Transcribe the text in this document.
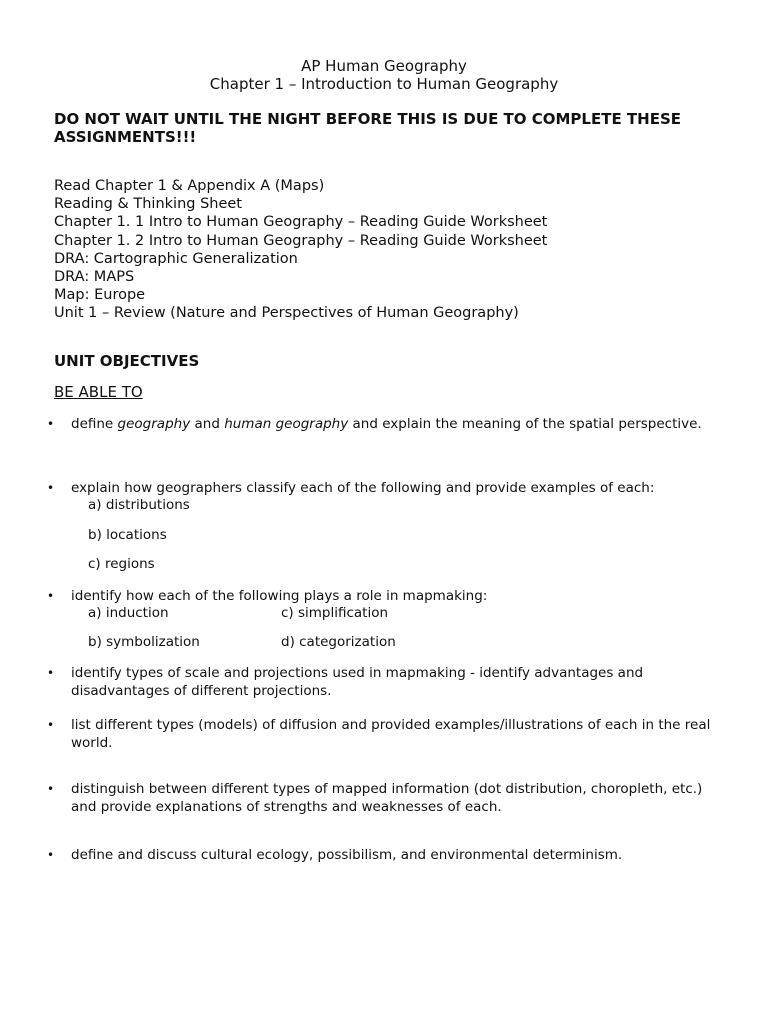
AP Human Geography
Chapter 1 – Introduction to Human Geography

DO NOT WAIT UNTIL THE NIGHT BEFORE THIS IS DUE TO COMPLETE THESE ASSIGNMENTS!!!

Read Chapter 1 & Appendix A (Maps)
Reading & Thinking Sheet
Chapter 1. 1 Intro to Human Geography – Reading Guide Worksheet
Chapter 1. 2 Intro to Human Geography – Reading Guide Worksheet
DRA: Cartographic Generalization
DRA: MAPS
Map: Europe
Unit 1 – Review (Nature and Perspectives of Human Geography)
UNIT OBJECTIVES
BE ABLE TO
• define geography and human geography and explain the meaning of the spatial perspective.
• explain how geographers classify each of the following and provide examples of each:
a) distributions
b) locations
c) regions
• identify how each of the following plays a role in mapmaking:
a) induction	c) simplification
b) symbolization	d) categorization
• identify types of scale and projections used in mapmaking - identify advantages and disadvantages of different projections.
• list different types (models) of diffusion and provided examples/illustrations of each in the real world.
• distinguish between different types of mapped information (dot distribution, choropleth, etc.) and provide explanations of strengths and weaknesses of each.
• define and discuss cultural ecology, possibilism, and environmental determinism.
